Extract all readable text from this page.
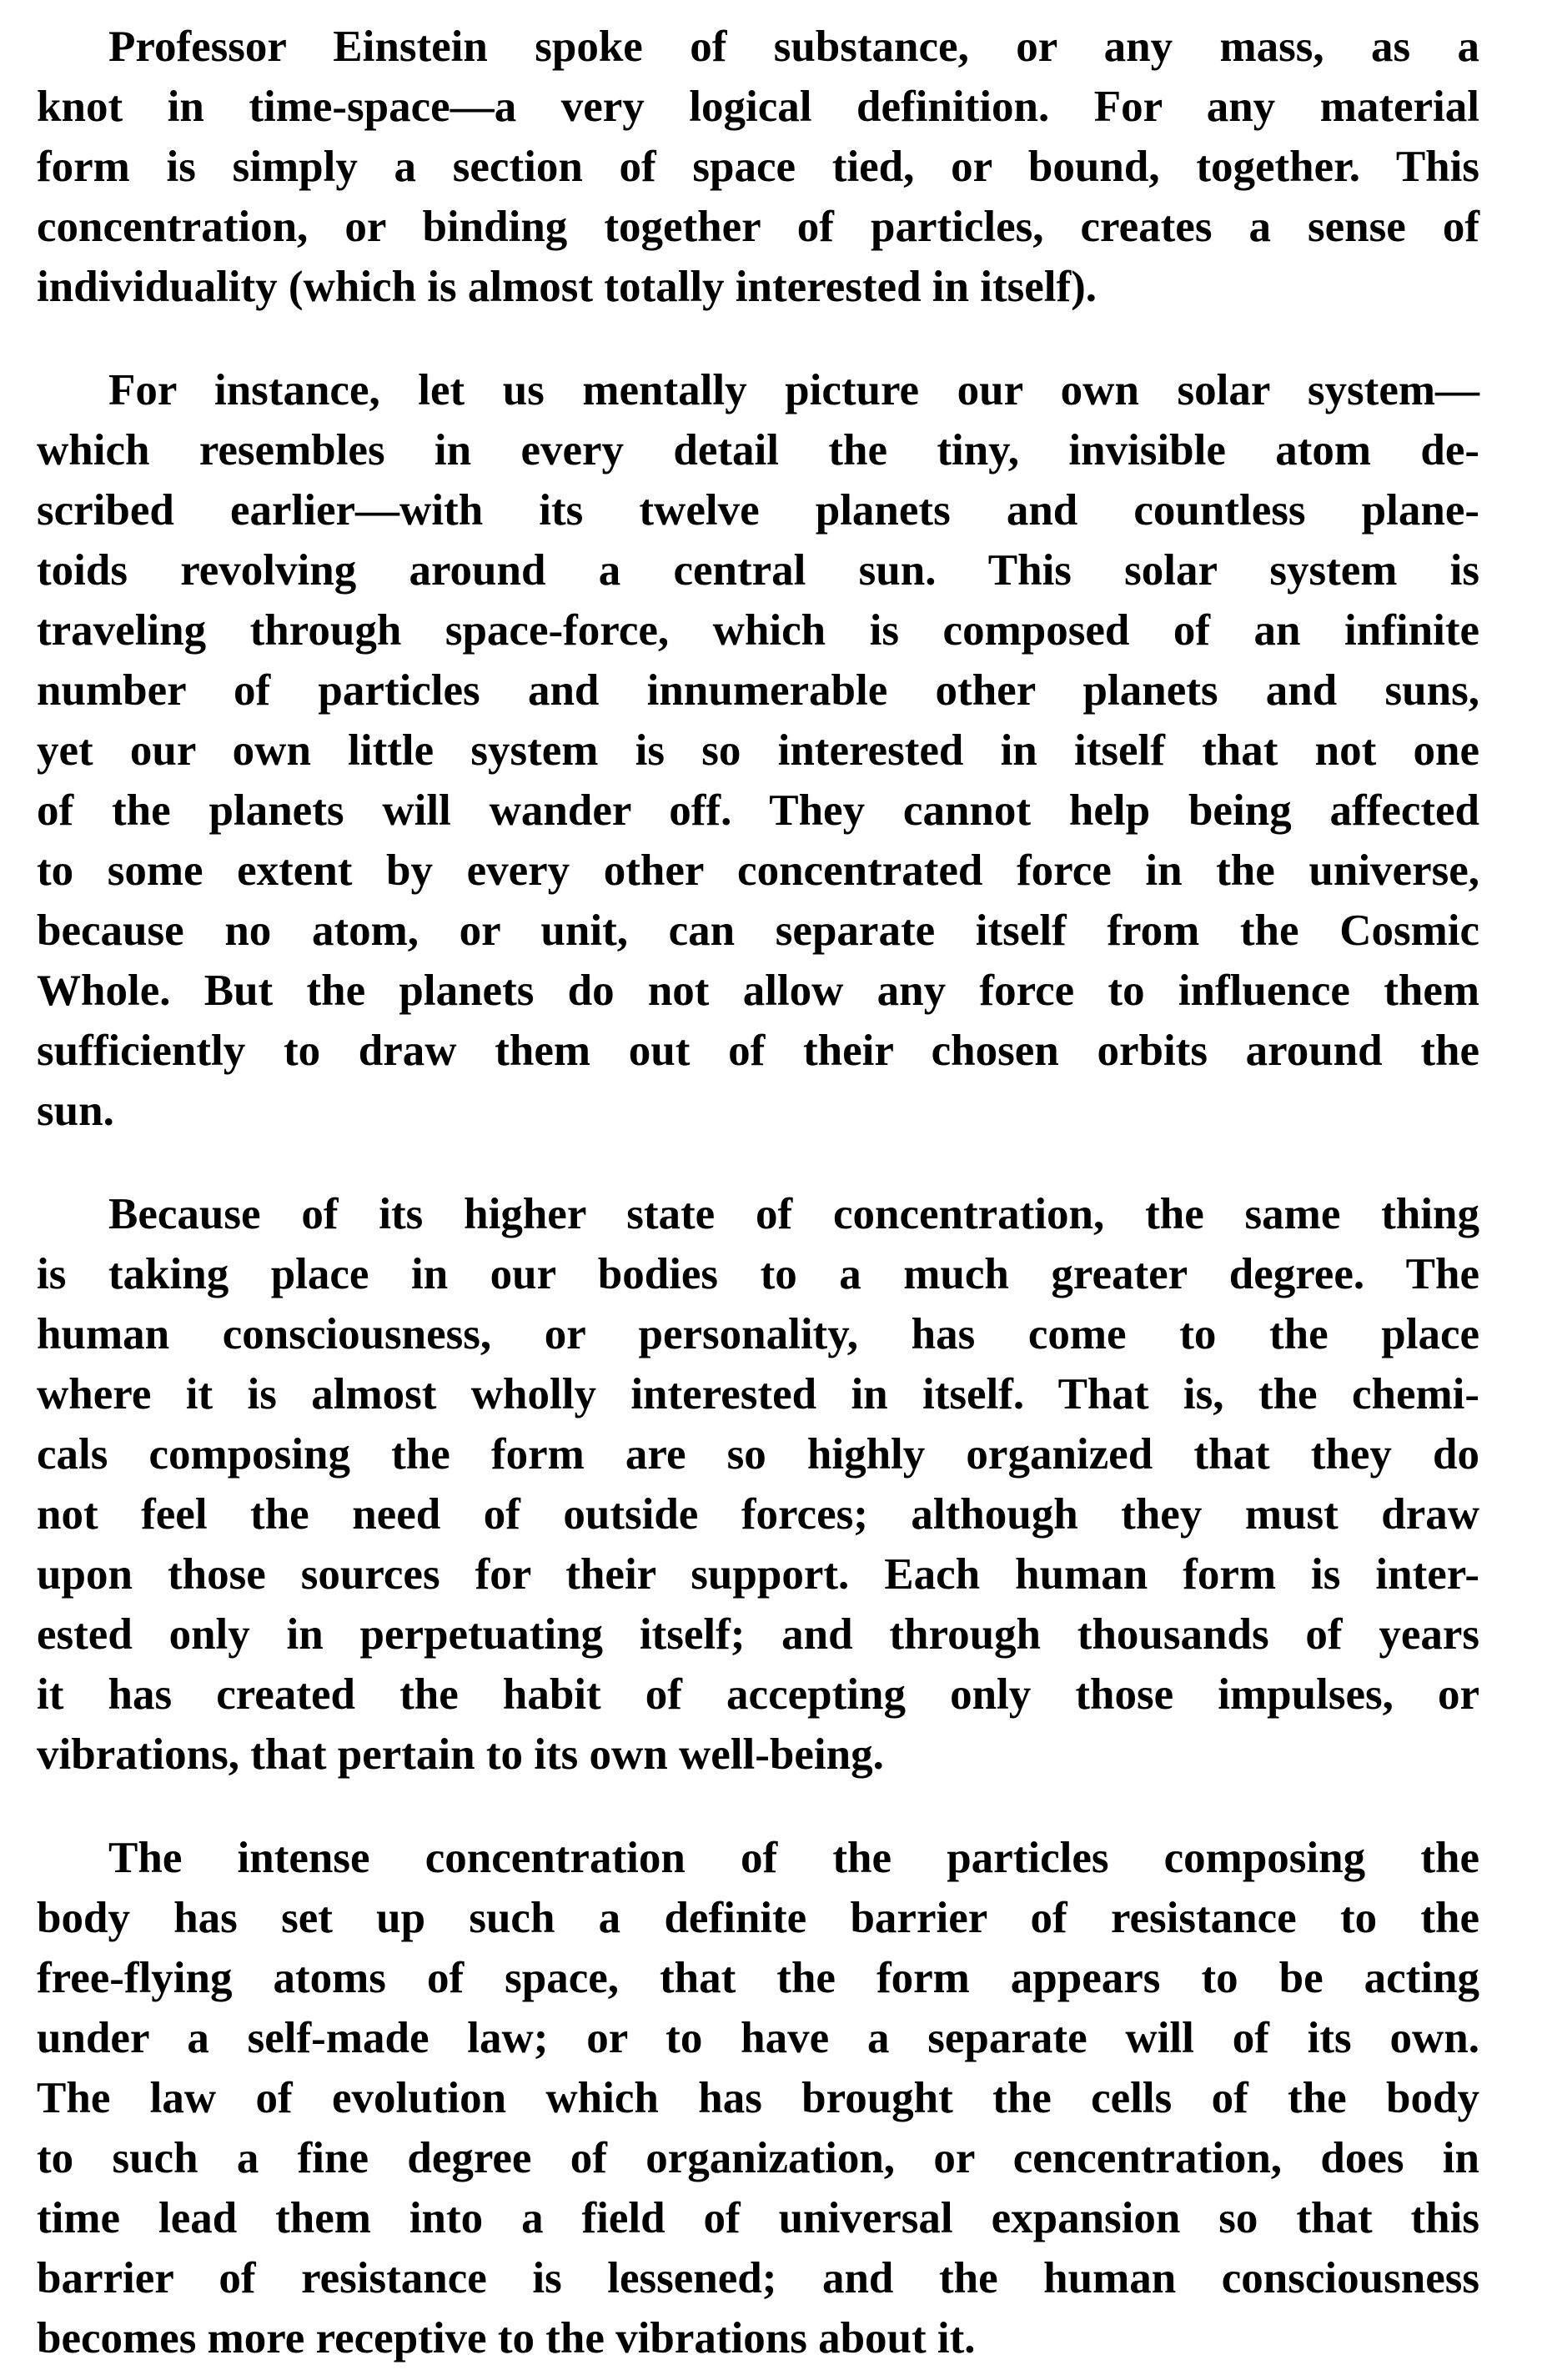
Professor Einstein spoke of substance, or any mass, as a
knot in time-space—a very logical definition. For any material
form is simply a section of space tied, or bound, together. This
concentration, or binding together of particles, creates a sense of
individuality (which is almost totally interested in itself).

For instance, let us mentally picture our own solar system—
which resembles in every detail the tiny, invisible atom de-
scribed earlier—with its twelve planets and countless plane-
toids revolving around a central sun. This solar system is
traveling through space-force, which is composed of an infinite
number of particles and innumerable other planets and suns,
yet our own little system is so interested in itself that not one
of the planets will wander off. They cannot help being affected
to some extent by every other concentrated force in the universe,
because no atom, or unit, can separate itself from the Cosmic
Whole. But the planets do not allow any force to influence them
sufficiently to draw them out of their chosen orbits around the
sun.

Because of its higher state of concentration, the same thing
is taking place in our bodies to a much greater degree. The
human consciousness, or personality, has come to the place
where it is almost wholly interested in itself. That is, the chemi-
cals composing the form are so highly organized that they do
not feel the need of outside forces; although they must draw
upon those sources for their support. Each human form is inter-
ested only in perpetuating itself; and through thousands of years
it has created the habit of accepting only those impulses, or
vibrations, that pertain to its own well-being.

The intense concentration of the particles composing the
body has set up such a definite barrier of resistance to the
free-flying atoms of space, that the form appears to be acting
under a self-made law; or to have a separate will of its own.
The law of evolution which has brought the cells of the body
to such a fine degree of organization, or cencentration, does in
time lead them into a field of universal expansion so that this
barrier of resistance is lessened; and the human consciousness
becomes more receptive to the vibrations about it.
